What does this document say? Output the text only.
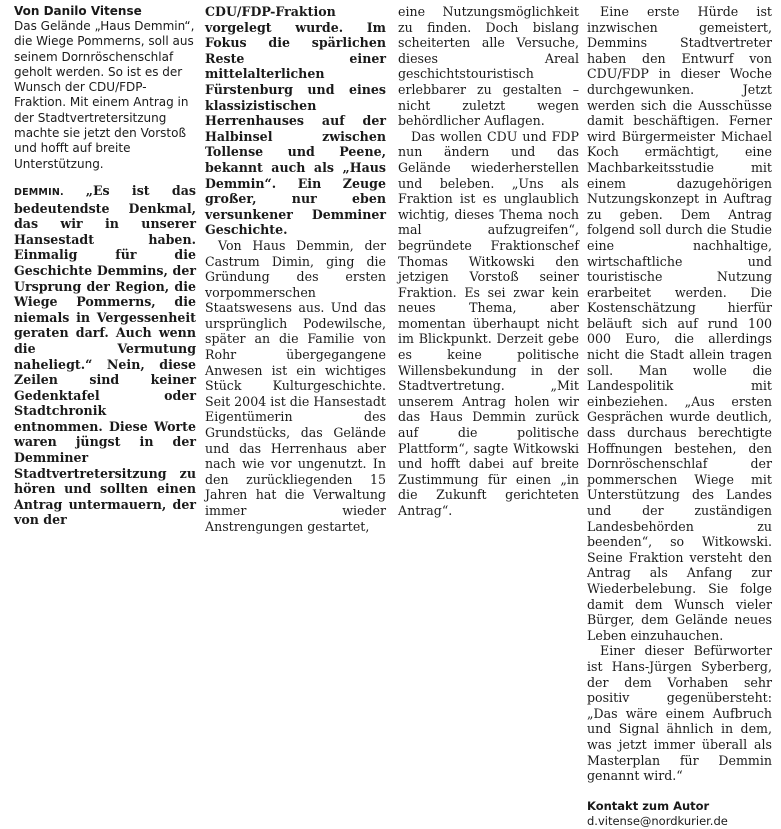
Von Danilo Vitense

Das Gelände „Haus Demmin“, die Wiege Pommerns, soll aus seinem Dornröschenschlaf geholt werden. So ist es der Wunsch der CDU/FDP-Fraktion. Mit einem Antrag in der Stadtvertretersitzung machte sie jetzt den Vorstoß und hofft auf breite Unterstützung.

DEMMIN. „Es ist das bedeutendste Denkmal, das wir in unserer Hansestadt haben. Einmalig für die Geschichte Demmins, der Ursprung der Region, die Wiege Pommerns, die niemals in Vergessenheit geraten darf. Auch wenn die Vermutung naheliegt.“ Nein, diese Zeilen sind keiner Gedenktafel oder Stadtchronik entnommen. Diese Worte waren jüngst in der Demminer Stadtvertretersitzung zu hören und sollten einen Antrag untermauern, der von der

CDU/FDP-Fraktion vorgelegt wurde. Im Fokus die spärlichen Reste einer mittelalterlichen Fürstenburg und eines klassizistischen Herrenhauses auf der Halbinsel zwischen Tollense und Peene, bekannt auch als „Haus Demmin“. Ein Zeuge großer, nur eben versunkener Demminer Geschichte.

Von Haus Demmin, der Castrum Dimin, ging die Gründung des ersten vorpommerschen Staatswesens aus. Und das ursprünglich Podewilsche, später an die Familie von Rohr übergegangene Anwesen ist ein wichtiges Stück Kulturgeschichte. Seit 2004 ist die Hansestadt Eigentümerin des Grundstücks, das Gelände und das Herrenhaus aber nach wie vor ungenutzt. In den zurückliegenden 15 Jahren hat die Verwaltung immer wieder Anstrengungen gestartet,

eine Nutzungsmöglichkeit zu finden. Doch bislang scheiterten alle Versuche, dieses Areal geschichtstouristisch erlebbarer zu gestalten – nicht zuletzt wegen behördlicher Auflagen.

Das wollen CDU und FDP nun ändern und das Gelände wiederherstellen und beleben. „Uns als Fraktion ist es unglaublich wichtig, dieses Thema noch mal aufzugreifen“, begründete Fraktionschef Thomas Witkowski den jetzigen Vorstoß seiner Fraktion. Es sei zwar kein neues Thema, aber momentan überhaupt nicht im Blickpunkt. Derzeit gebe es keine politische Willensbekundung in der Stadtvertretung. „Mit unserem Antrag holen wir das Haus Demmin zurück auf die politische Plattform“, sagte Witkowski und hofft dabei auf breite Zustimmung für einen „in die Zukunft gerichteten Antrag“.

Eine erste Hürde ist inzwischen gemeistert, Demmins Stadtvertreter haben den Entwurf von CDU/FDP in dieser Woche durchgewunken. Jetzt werden sich die Ausschüsse damit beschäftigen. Ferner wird Bürgermeister Michael Koch ermächtigt, eine Machbarkeitsstudie mit einem dazugehörigen Nutzungskonzept in Auftrag zu geben. Dem Antrag folgend soll durch die Studie eine nachhaltige, wirtschaftliche und touristische Nutzung erarbeitet werden. Die Kostenschätzung hierfür beläuft sich auf rund 100 000 Euro, die allerdings nicht die Stadt allein tragen soll. Man wolle die Landespolitik mit einbeziehen. „Aus ersten Gesprächen wurde deutlich, dass durchaus berechtigte Hoffnungen bestehen, den Dornröschenschlaf der pommerschen Wiege mit Unterstützung des Landes und der zuständigen Landesbehörden zu beenden“, so Witkowski. Seine Fraktion versteht den Antrag als Anfang zur Wiederbelebung. Sie folge damit dem Wunsch vieler Bürger, dem Gelände neues Leben einzuhauchen.

Einer dieser Befürworter ist Hans-Jürgen Syberberg, der dem Vorhaben sehr positiv gegenübersteht: „Das wäre einem Aufbruch und Signal ähnlich in dem, was jetzt immer überall als Masterplan für Demmin genannt wird.“

Kontakt zum Autor

d.vitense@nordkurier.de
